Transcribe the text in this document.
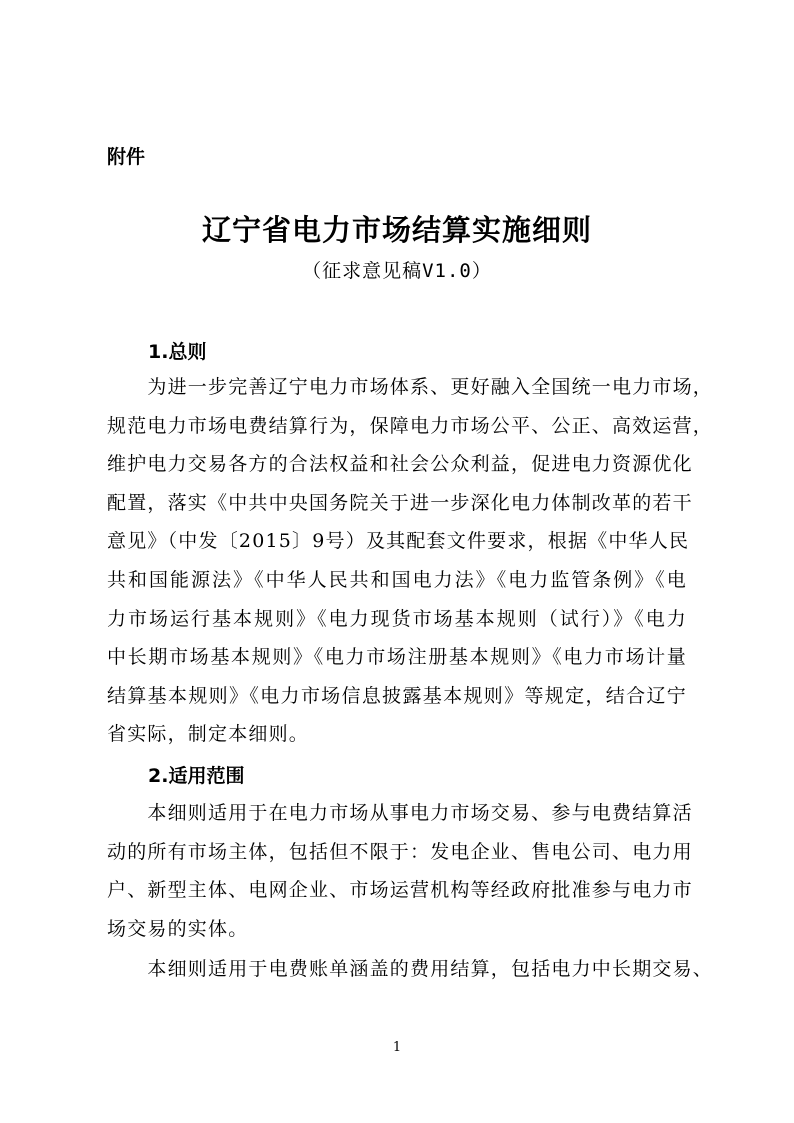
附件
辽宁省电力市场结算实施细则
（征求意见稿V1.0）
1.总则
　　为进一步完善辽宁电力市场体系、更好融入全国统一电力市场，
规范电力市场电费结算行为，保障电力市场公平、公正、高效运营，
维护电力交易各方的合法权益和社会公众利益，促进电力资源优化
配置，落实《中共中央国务院关于进一步深化电力体制改革的若干
意见》（中发〔2015〕9号）及其配套文件要求，根据《中华人民
共和国能源法》《中华人民共和国电力法》《电力监管条例》《电
力市场运行基本规则》《电力现货市场基本规则（试行）》《电力
中长期市场基本规则》《电力市场注册基本规则》《电力市场计量
结算基本规则》《电力市场信息披露基本规则》等规定，结合辽宁
省实际，制定本细则。
2.适用范围
　　本细则适用于在电力市场从事电力市场交易、参与电费结算活
动的所有市场主体，包括但不限于：发电企业、售电公司、电力用
户、新型主体、电网企业、市场运营机构等经政府批准参与电力市
场交易的实体。
　　本细则适用于电费账单涵盖的费用结算，包括电力中长期交易、
1
